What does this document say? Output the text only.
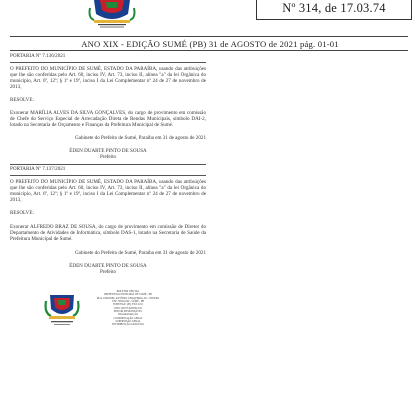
Nº 314, de 17.03.74
ANO XIX - EDIÇÃO SUMÉ (PB) 31 de AGOSTO de 2021 pág. 01-01
PORTARIA Nº 7.136/2021
O PREFEITO DO MUNICÍPIO DE SUMÉ, ESTADO DA PARAÍBA, usando das atribuições que lhe são conferidas pelo Art. 60, inciso IV, Art. 73, inciso II, alínea "a" da lei Orgânica do município, Art. 6º, 12º; § 1º e 19º, inciso I da Lei Complementar nº 24 de 27 de novembro de 2013,
RESOLVE:
Exonerar MARÍLIA ALVES DA SILVA GONÇALVES, do cargo de provimento em comissão de Chefe do Serviço Especial de Arrecadação Direta de Rendas Municipais, símbolo DAI-2, lotado na Secretaria de Orçamento e Finanças da Prefeitura Municipal de Sumé.
Gabinete do Prefeito de Sumé, Paraíba em 31 de agosto de 2021
ÉDEN DUARTE PINTO DE SOUSA
Prefeito
PORTARIA Nº 7.137/2021
O PREFEITO DO MUNICÍPIO DE SUMÉ, ESTADO DA PARAÍBA, usando das atribuições que lhe são conferidas pelo Art. 60, inciso IV, Art. 73, inciso II, alínea "a" da lei Orgânica do município, Art. 6º, 12º; § 1º e 19º, inciso I da Lei Complementar nº 24 de 27 de novembro de 2013,
RESOLVE:
Exonerar ALFREDO BRAZ DE SOUSA, do cargo de provimento em comissão de Diretor do Departamento de Atividades de Informática, símbolo DAS-1, lotado na Secretaria de Saúde da Prefeitura Municipal de Sumé.
Gabinete do Prefeito de Sumé, Paraíba em 31 de agosto de 2021
ÉDEN DUARTE PINTO DE SOUSA
Prefeito
BOLETIM OFICIAL
PREFEITURA MUNICIPAL DE SUMÉ - PB
RUA CORONEL ANTÔNIO CERQUEIRA, 48 - CENTRO
CEP: 58540-000 - SUMÉ - PB
FONE/FAX: (83) 3353-1191
CNPJ: 09.073.628/0001-91
EDITOR RESPONSÁVEL
DIAGRAMAÇÃO
COORDENAÇÃO GERAL
SUPERVISÃO GERAL
DISTRIBUIÇÃO GRATUITA
